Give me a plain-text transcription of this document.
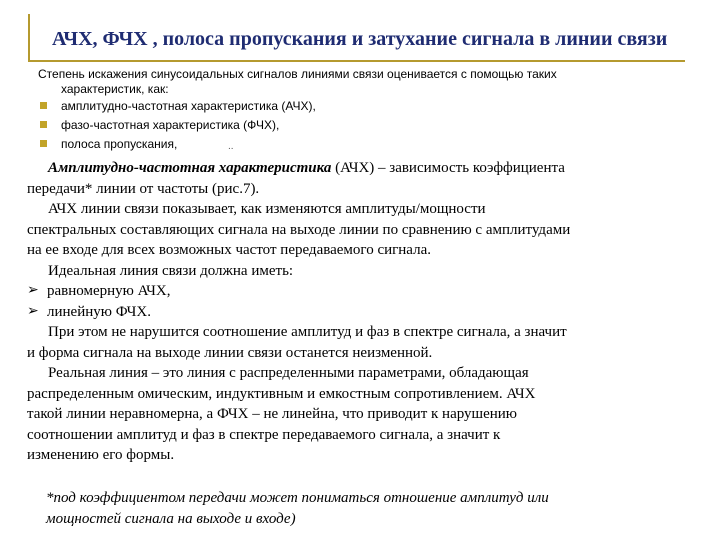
АЧХ, ФЧХ , полоса пропускания и затухание сигнала в линии связи
Степень искажения синусоидальных сигналов линиями связи оценивается с помощью таких
характеристик, как:
амплитудно-частотная характеристика (АЧХ),
фазо-частотная характеристика (ФЧХ),
полоса пропускания,	..

Амплитудно-частотная характеристика (АЧХ) – зависимость коэффициента

передачи* линии от частоты (рис.7).

АЧХ линии связи показывает, как изменяются амплитуды/мощности

спектральных составляющих сигнала на выходе линии по сравнению с амплитудами

на ее входе для всех возможных частот передаваемого сигнала.

Идеальная линия связи должна иметь:

➢ равномерную АЧХ,

➢ линейную ФЧХ.

При этом не нарушится соотношение амплитуд и фаз в спектре сигнала, а значит

и форма сигнала на выходе линии связи останется неизменной.

Реальная линия – это линия с распределенными параметрами, обладающая

распределенным омическим, индуктивным и емкостным сопротивлением. АЧХ

такой линии неравномерна, а ФЧХ – не линейна, что приводит к нарушению

соотношении амплитуд и фаз в спектре передаваемого сигнала, а значит к

изменению его формы.

*под коэффициентом передачи может пониматься отношение амплитуд или
мощностей сигнала на выходе и входе)
